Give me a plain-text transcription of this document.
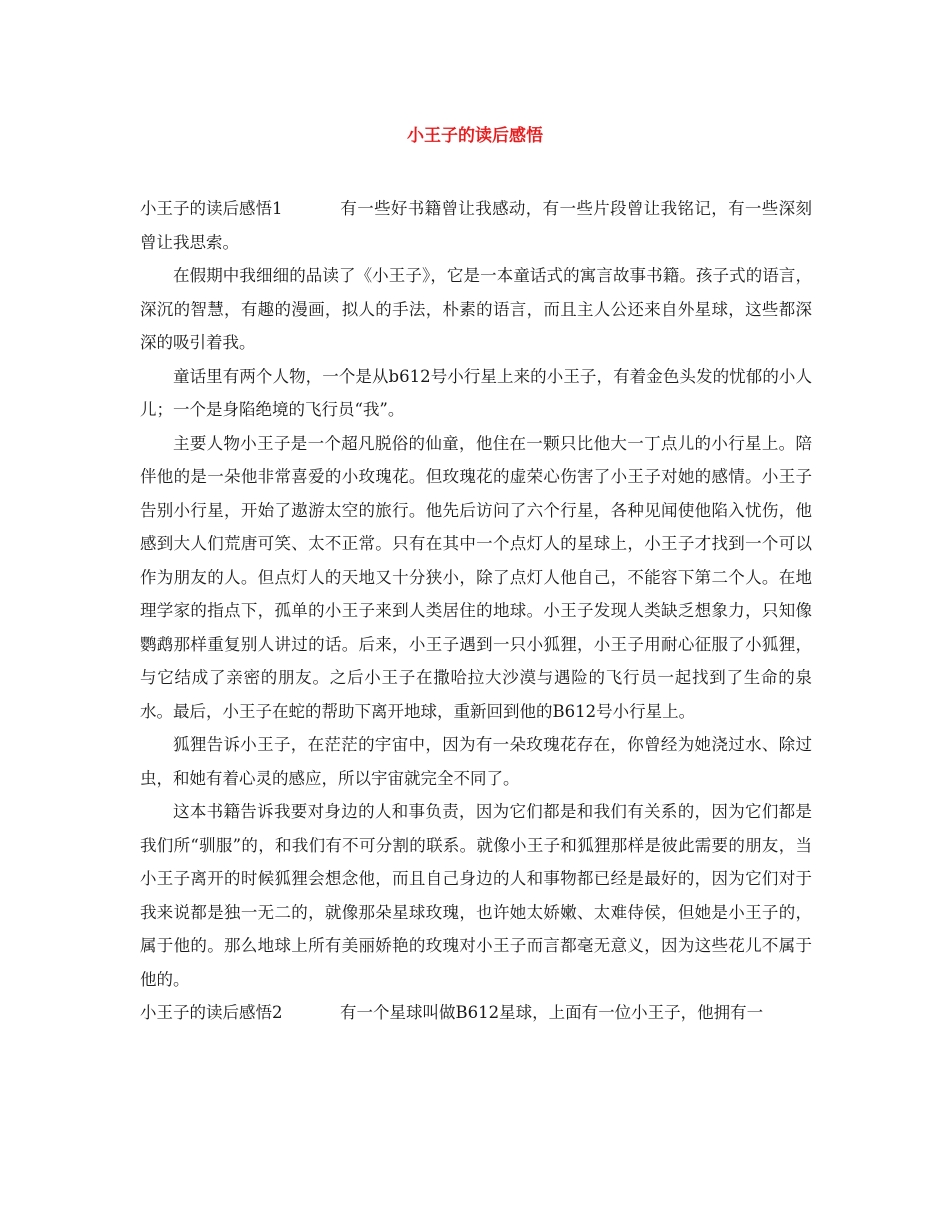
小王子的读后感悟

小王子的读后感悟1	有一些好书籍曾让我感动，有一些片段曾让我铭记，有一些深刻曾让我思索。

在假期中我细细的品读了《小王子》，它是一本童话式的寓言故事书籍。孩子式的语言，深沉的智慧，有趣的漫画，拟人的手法，朴素的语言，而且主人公还来自外星球，这些都深深的吸引着我。

童话里有两个人物，一个是从b612号小行星上来的小王子，有着金色头发的忧郁的小人儿；一个是身陷绝境的飞行员“我”。

主要人物小王子是一个超凡脱俗的仙童，他住在一颗只比他大一丁点儿的小行星上。陪伴他的是一朵他非常喜爱的小玫瑰花。但玫瑰花的虚荣心伤害了小王子对她的感情。小王子告别小行星，开始了遨游太空的旅行。他先后访问了六个行星，各种见闻使他陷入忧伤，他感到大人们荒唐可笑、太不正常。只有在其中一个点灯人的星球上，小王子才找到一个可以作为朋友的人。但点灯人的天地又十分狭小，除了点灯人他自己，不能容下第二个人。在地理学家的指点下，孤单的小王子来到人类居住的地球。小王子发现人类缺乏想象力，只知像鹦鹉那样重复别人讲过的话。后来，小王子遇到一只小狐狸，小王子用耐心征服了小狐狸，与它结成了亲密的朋友。之后小王子在撒哈拉大沙漠与遇险的飞行员一起找到了生命的泉水。最后，小王子在蛇的帮助下离开地球，重新回到他的B612号小行星上。

狐狸告诉小王子，在茫茫的宇宙中，因为有一朵玫瑰花存在，你曾经为她浇过水、除过虫，和她有着心灵的感应，所以宇宙就完全不同了。

这本书籍告诉我要对身边的人和事负责，因为它们都是和我们有关系的，因为它们都是我们所“驯服”的，和我们有不可分割的联系。就像小王子和狐狸那样是彼此需要的朋友，当小王子离开的时候狐狸会想念他，而且自己身边的人和事物都已经是最好的，因为它们对于我来说都是独一无二的，就像那朵星球玫瑰，也许她太娇嫩、太难侍侯，但她是小王子的，属于他的。那么地球上所有美丽娇艳的玫瑰对小王子而言都毫无意义，因为这些花儿不属于他的。

小王子的读后感悟2	有一个星球叫做B612星球，上面有一位小王子，他拥有一
